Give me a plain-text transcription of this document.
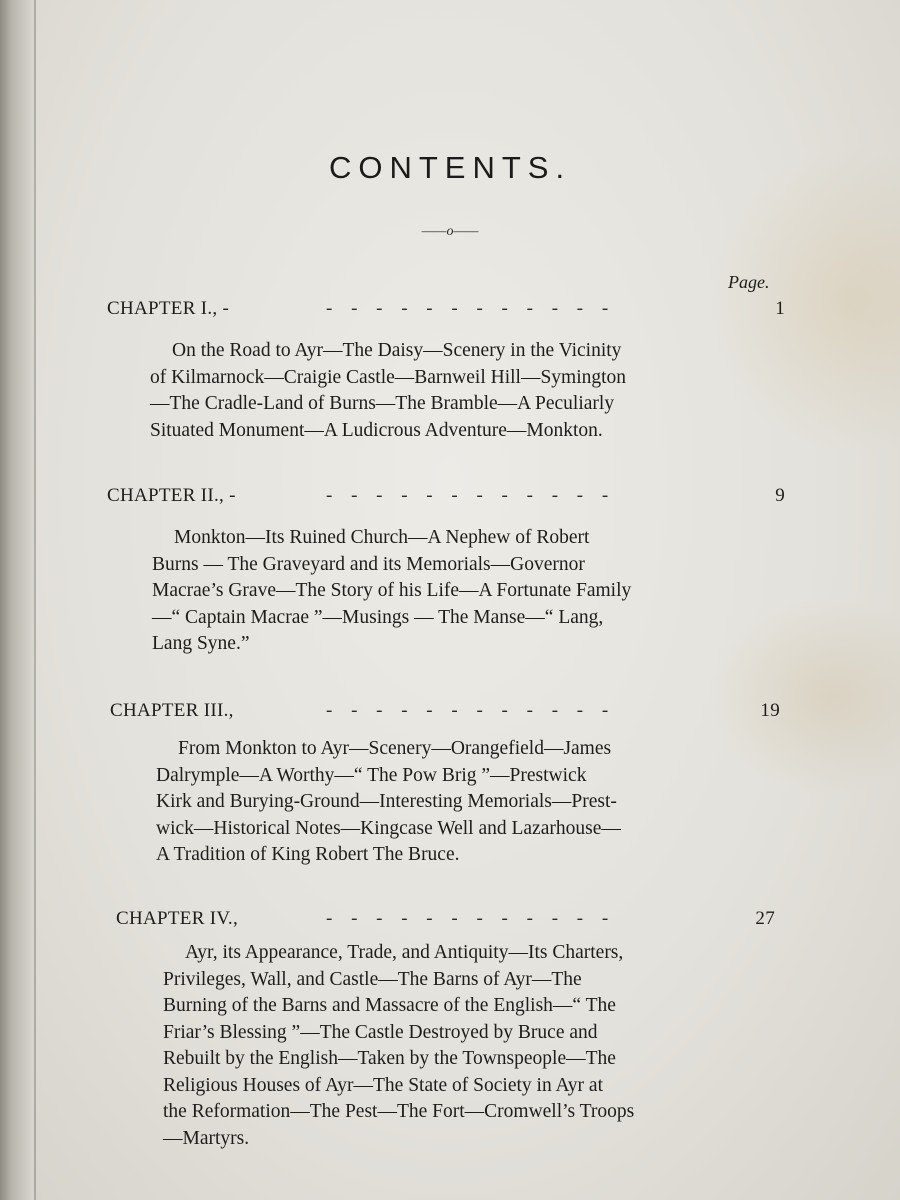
CONTENTS.
——o——
Page.
CHAPTER I., -	- - - - - - - - - - - -	1
On the Road to Ayr—The Daisy—Scenery in the Vicinity
of Kilmarnock—Craigie Castle—Barnweil Hill—Symington
—The Cradle-Land of Burns—The Bramble—A Peculiarly
Situated Monument—A Ludicrous Adventure—Monkton.
CHAPTER II., -	- - - - - - - - - - - -	9
Monkton—Its Ruined Church—A Nephew of Robert
Burns — The Graveyard and its Memorials—Governor
Macrae’s Grave—The Story of his Life—A Fortunate Family
—“ Captain Macrae ”—Musings — The Manse—“ Lang,
Lang Syne.”
CHAPTER III.,	- - - - - - - - - - - -	19
From Monkton to Ayr—Scenery—Orangefield—James
Dalrymple—A Worthy—“ The Pow Brig ”—Prestwick
Kirk and Burying-Ground—Interesting Memorials—Prest-
wick—Historical Notes—Kingcase Well and Lazarhouse—
A Tradition of King Robert The Bruce.
CHAPTER IV.,	- - - - - - - - - - - -	27
Ayr, its Appearance, Trade, and Antiquity—Its Charters,
Privileges, Wall, and Castle—The Barns of Ayr—The
Burning of the Barns and Massacre of the English—“ The
Friar’s Blessing ”—The Castle Destroyed by Bruce and
Rebuilt by the English—Taken by the Townspeople—The
Religious Houses of Ayr—The State of Society in Ayr at
the Reformation—The Pest—The Fort—Cromwell’s Troops
—Martyrs.
